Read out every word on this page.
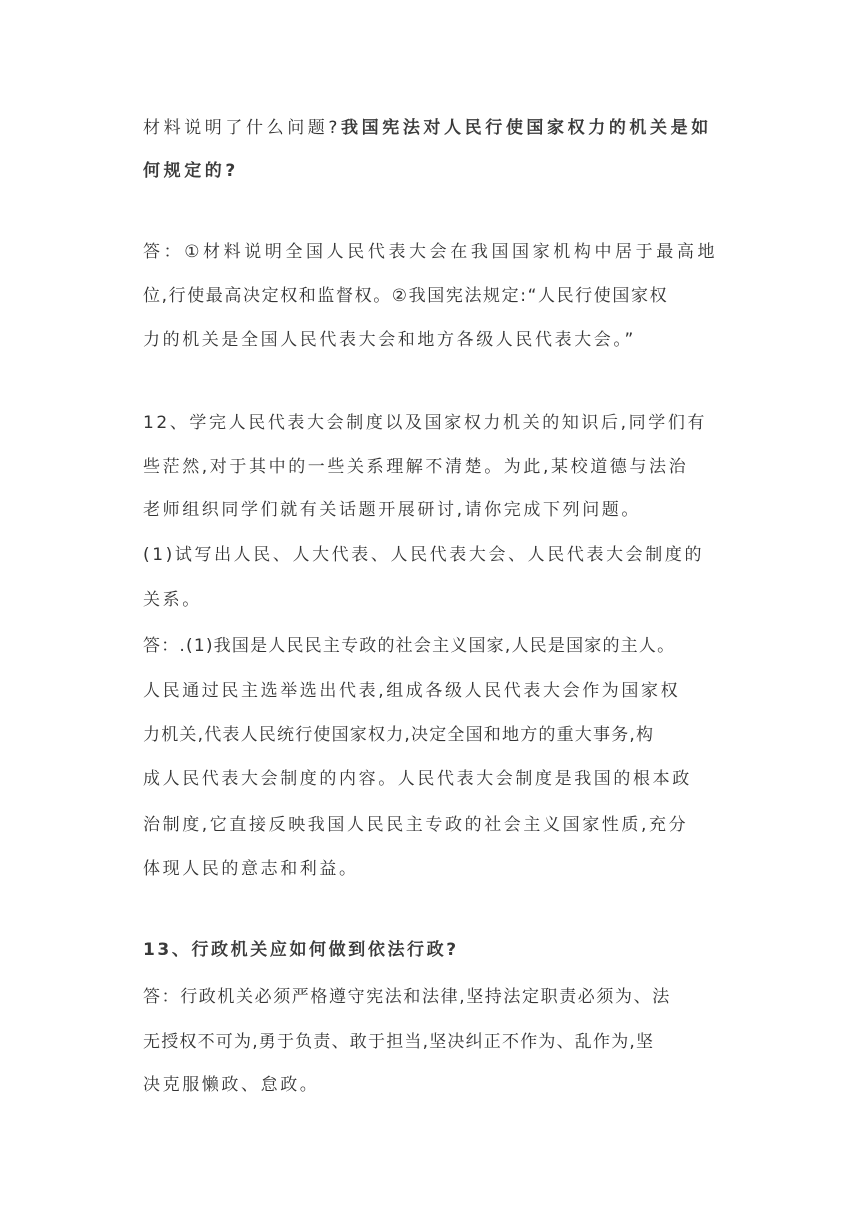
材料说明了什么问题?我国宪法对人民行使国家权力的机关是如
何规定的?
答：①材料说明全国人民代表大会在我国国家机构中居于最高地
位,行使最高决定权和监督权。②我国宪法规定:“人民行使国家权
力的机关是全国人民代表大会和地方各级人民代表大会。”
12、学完人民代表大会制度以及国家权力机关的知识后,同学们有
些茫然,对于其中的一些关系理解不清楚。为此,某校道德与法治
老师组织同学们就有关话题开展研讨,请你完成下列问题。
(1)试写出人民、人大代表、人民代表大会、人民代表大会制度的
关系。
答：.(1)我国是人民民主专政的社会主义国家,人民是国家的主人。
人民通过民主选举选出代表,组成各级人民代表大会作为国家权
力机关,代表人民统行使国家权力,决定全国和地方的重大事务,构
成人民代表大会制度的内容。人民代表大会制度是我国的根本政
治制度,它直接反映我国人民民主专政的社会主义国家性质,充分
体现人民的意志和利益。
13、行政机关应如何做到依法行政?
答：行政机关必须严格遵守宪法和法律,坚持法定职责必须为、法
无授权不可为,勇于负责、敢于担当,坚决纠正不作为、乱作为,坚
决克服懒政、怠政。
